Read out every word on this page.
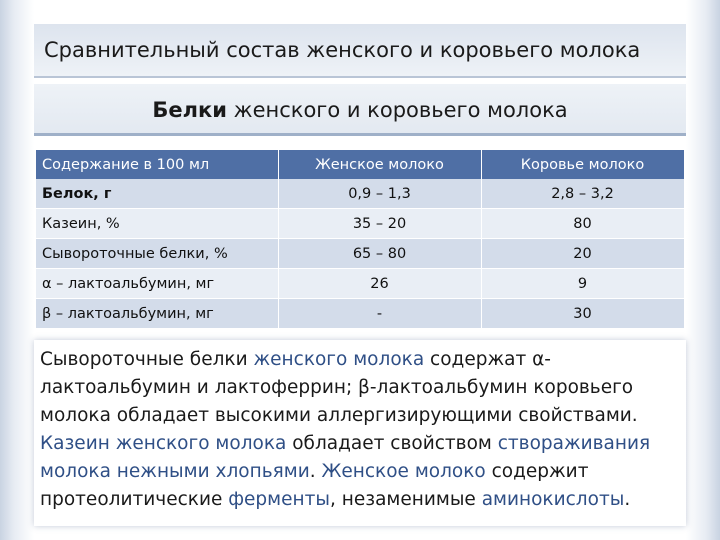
Сравнительный состав женского и коровьего молока
Белки женского и коровьего молока
Содержание в 100 мл	Женское молоко	Коровье молоко
Белок, г	0,9 – 1,3	2,8 – 3,2
Казеин, %	35 – 20	80
Сывороточные белки, %	65 – 80	20
α – лактоальбумин, мг	26	9
β – лактоальбумин, мг	-	30
Сывороточные белки женского молока содержат α-лактоальбумин и лактоферрин; β-лактоальбумин коровьего молока обладает высокими аллергизирующими свойствами. Казеин женского молока обладает свойством створаживания молока нежными хлопьями. Женское молоко содержит протеолитические ферменты, незаменимые аминокислоты.
